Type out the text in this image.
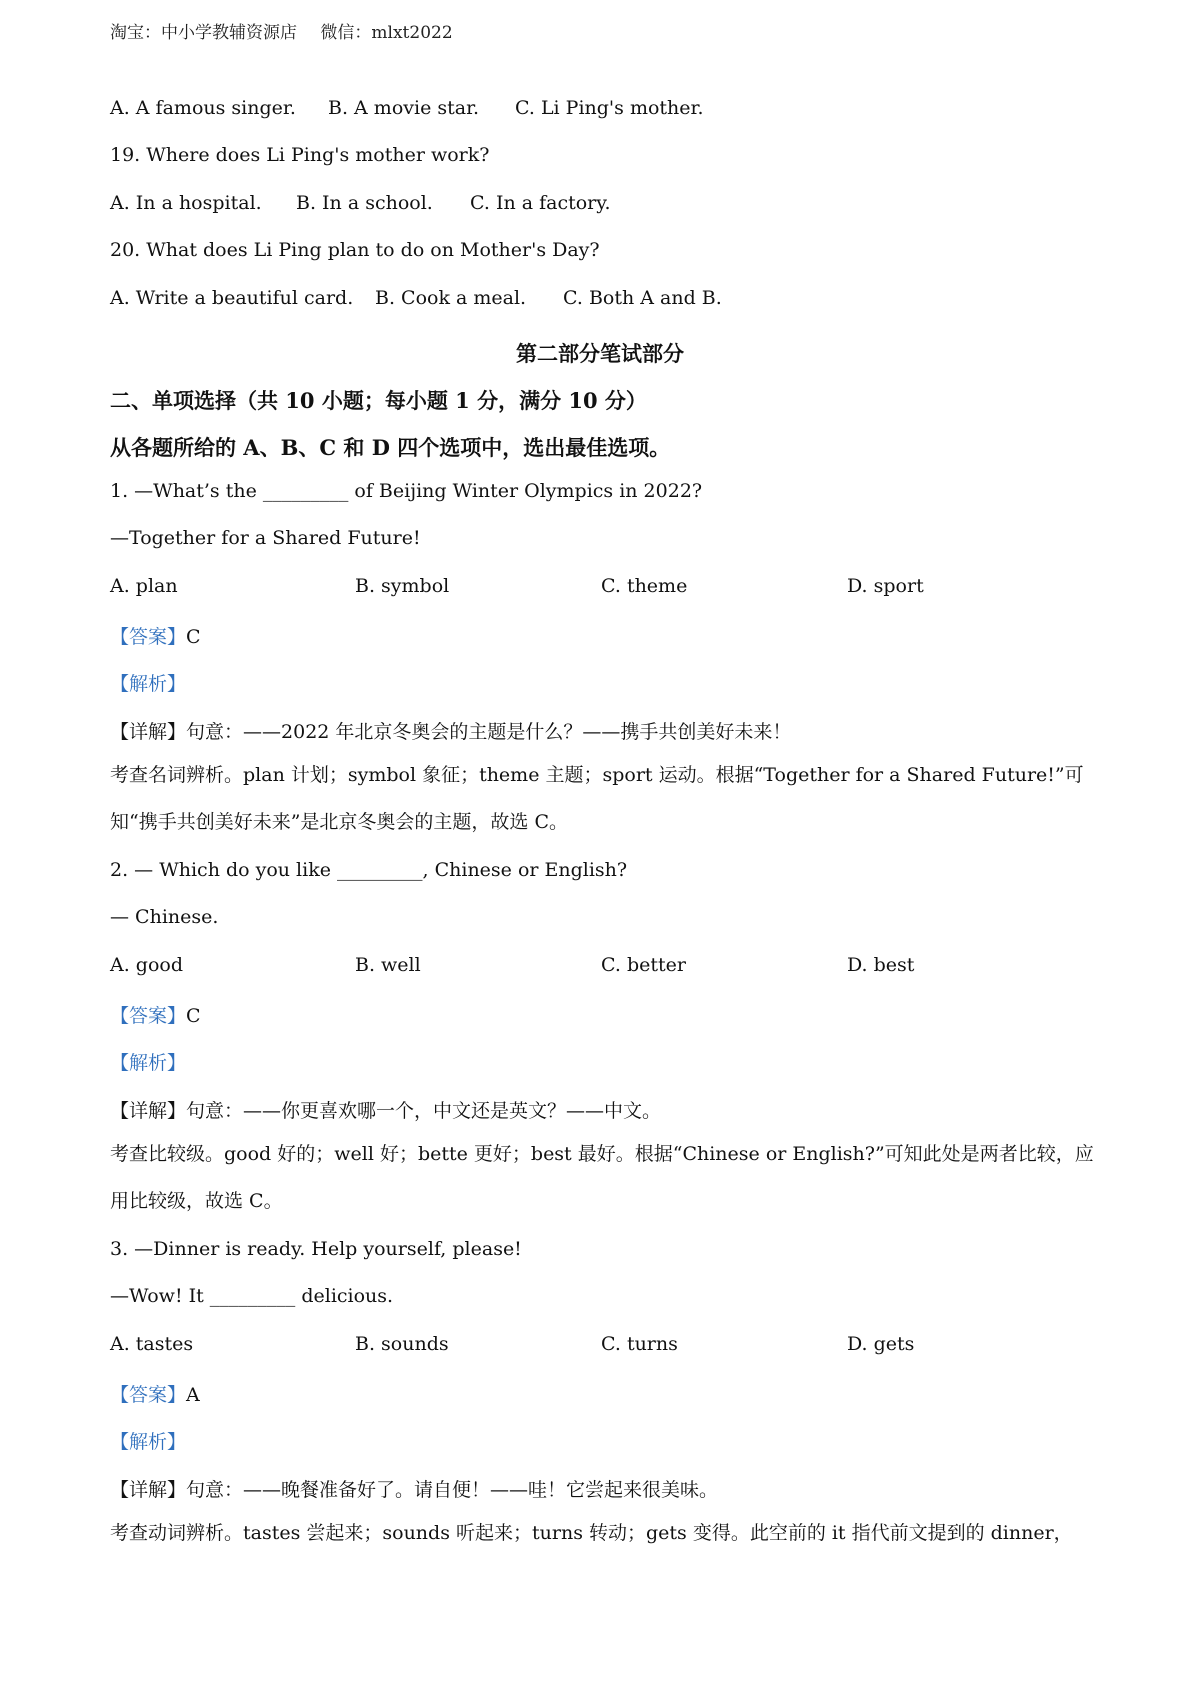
淘宝：中小学教辅资源店 微信：mlxt2022
A. A famous singer. B. A movie star. C. Li Ping's mother.
19. Where does Li Ping's mother work?
A. In a hospital. B. In a school. C. In a factory.
20. What does Li Ping plan to do on Mother's Day?
A. Write a beautiful card. B. Cook a meal. C. Both A and B.
第二部分笔试部分
二、单项选择（共 10 小题；每小题 1 分，满分 10 分）
从各题所给的 A、B、C 和 D 四个选项中，选出最佳选项。
1. —What’s the _________ of Beijing Winter Olympics in 2022?
—Together for a Shared Future!
A. plan	B. symbol	C. theme	D. sport
【答案】C
【解析】
【详解】句意：——2022 年北京冬奥会的主题是什么？——携手共创美好未来！
考查名词辨析。plan 计划；symbol 象征；theme 主题；sport 运动。根据“Together for a Shared Future!”可知“携手共创美好未来”是北京冬奥会的主题，故选 C。
2. — Which do you like _________, Chinese or English?
— Chinese.
A. good	B. well	C. better	D. best
【答案】C
【解析】
【详解】句意：——你更喜欢哪一个，中文还是英文？——中文。
考查比较级。good 好的；well 好；bette 更好；best 最好。根据“Chinese or English?”可知此处是两者比较，应用比较级，故选 C。
3. —Dinner is ready. Help yourself, please!
—Wow! It _________ delicious.
A. tastes	B. sounds	C. turns	D. gets
【答案】A
【解析】
【详解】句意：——晚餐准备好了。请自便！——哇！它尝起来很美味。
考查动词辨析。tastes 尝起来；sounds 听起来；turns 转动；gets 变得。此空前的 it 指代前文提到的 dinner，
